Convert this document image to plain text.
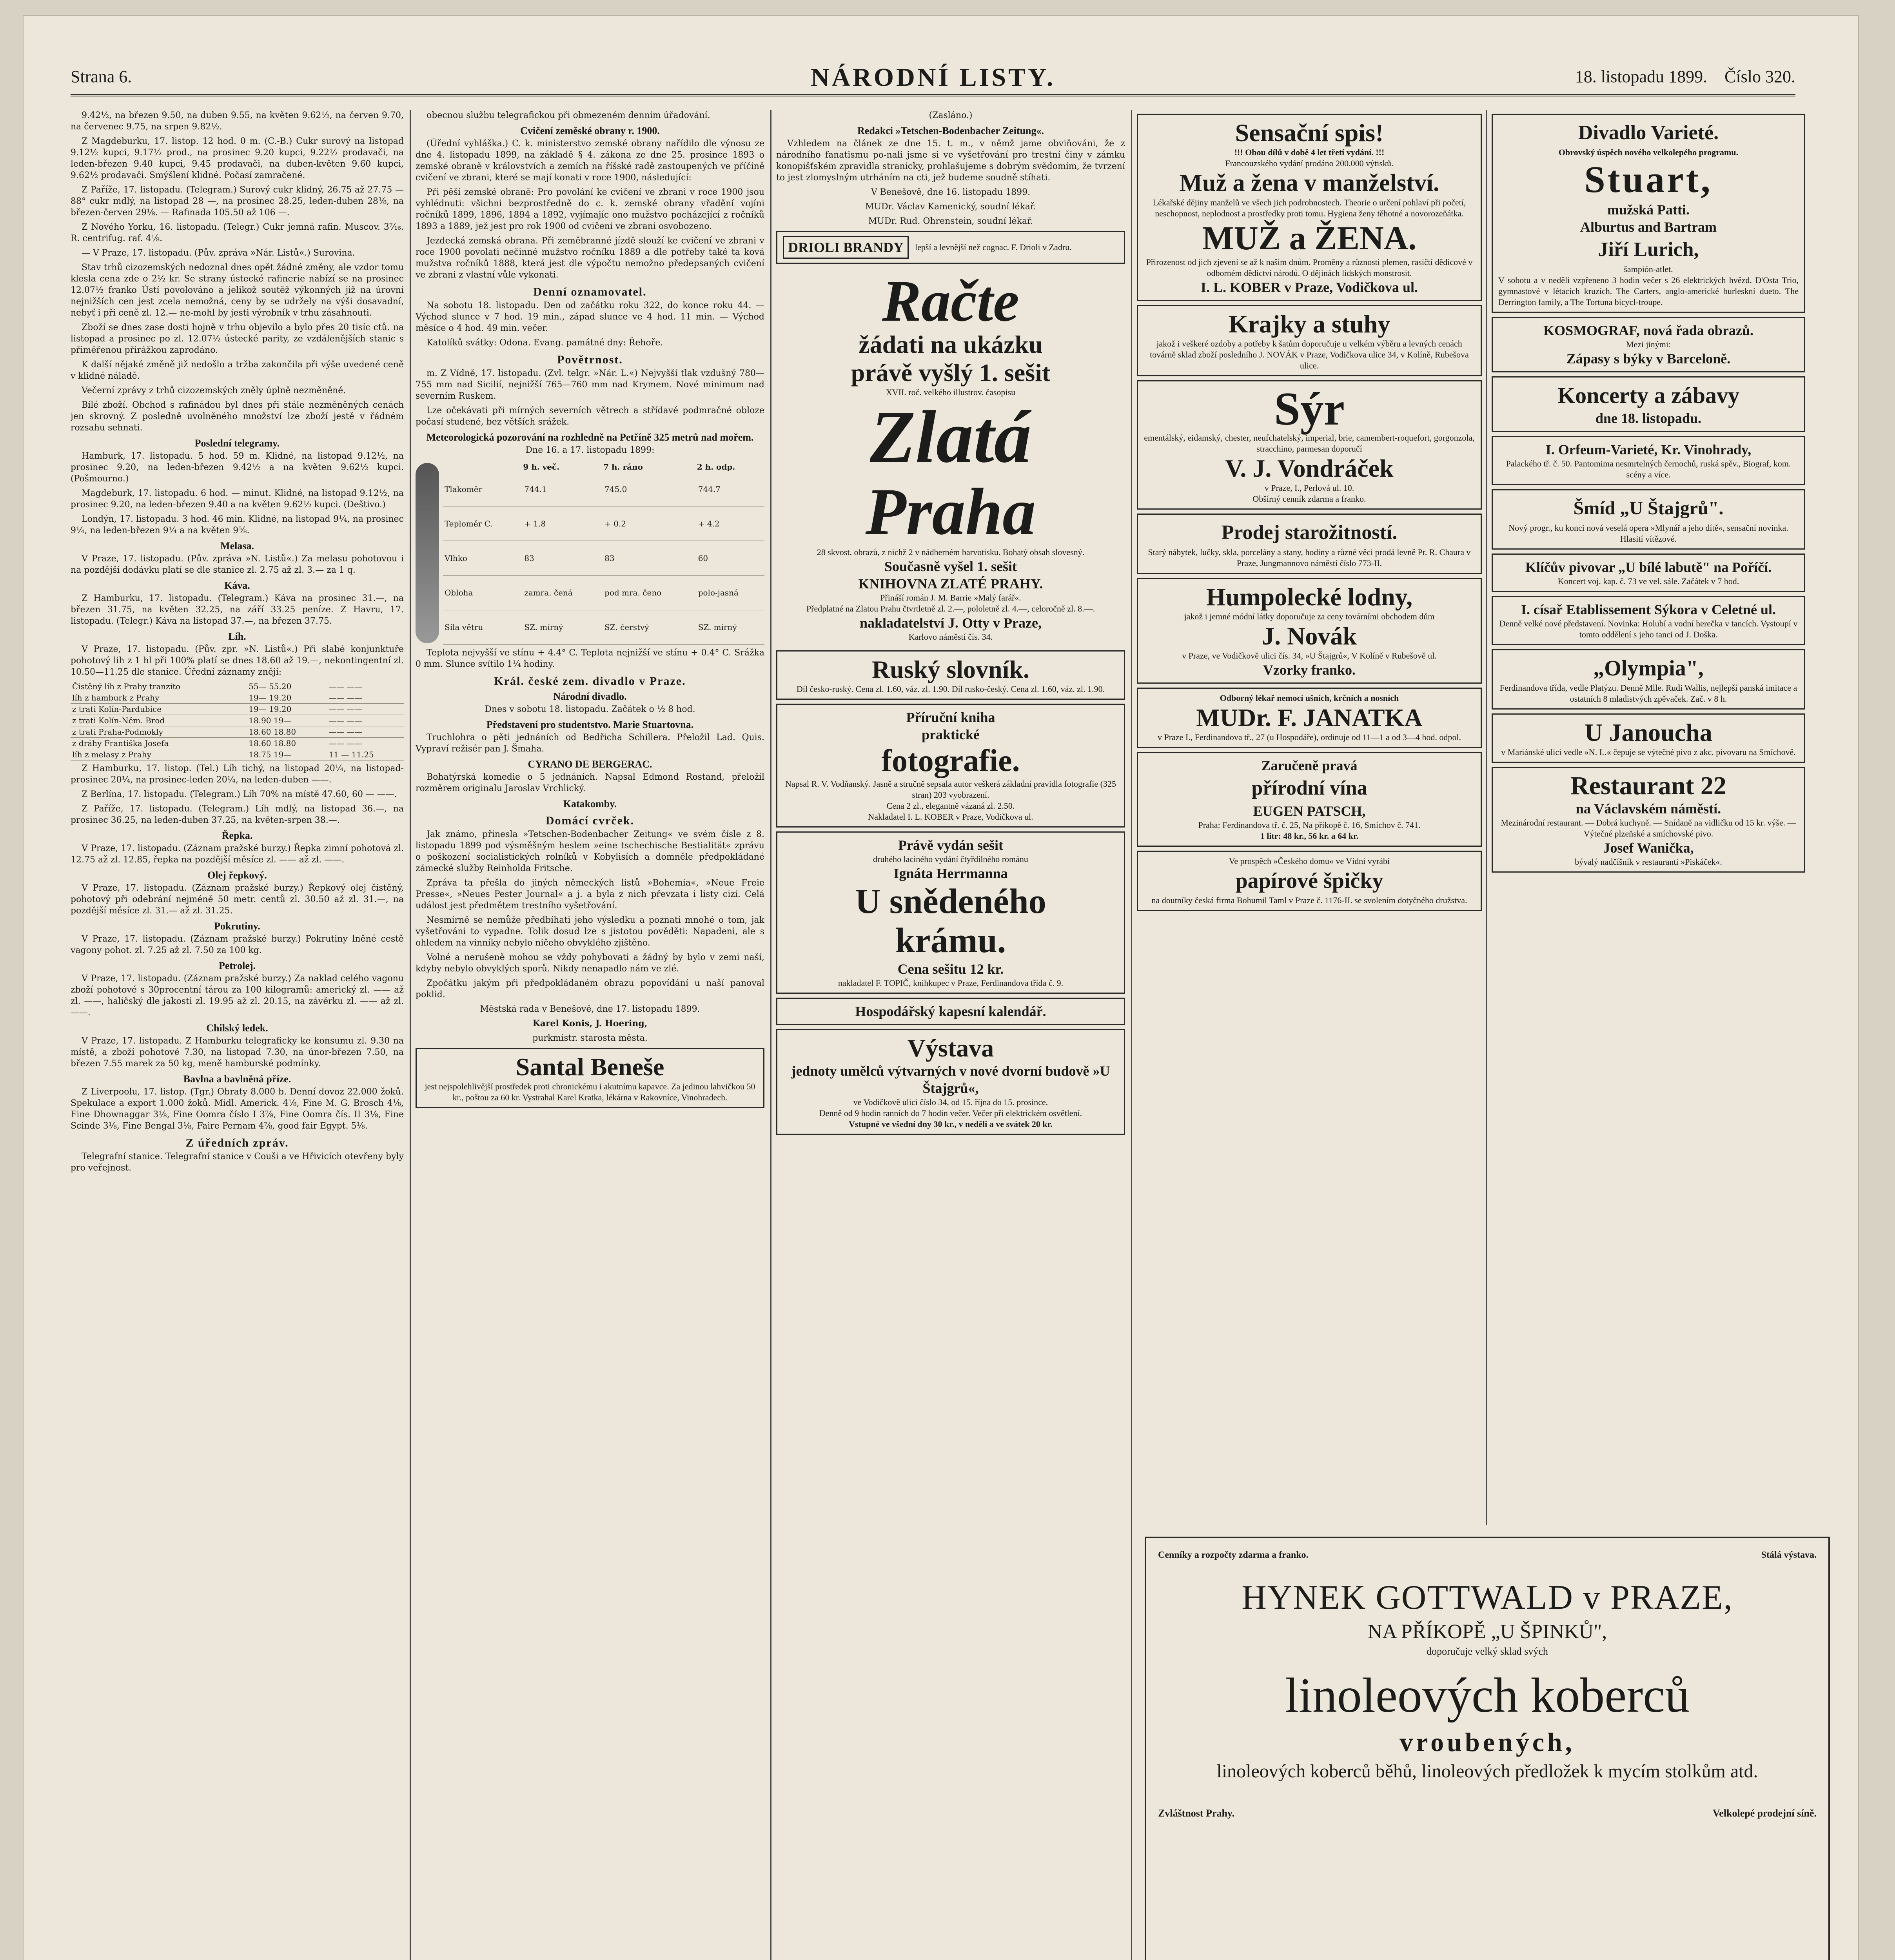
Strana 6.	NÁRODNÍ LISTY.	18. listopadu 1899. Číslo 320.

9.42½, na březen 9.50, na duben 9.55, na květen 9.62½, na červen 9.70, na červenec 9.75, na srpen 9.82½.

Z Magdeburku, 17. listop. 12 hod. 0 m. (C.-B.) Cukr surový na listopad 9.12½ kupci, 9.17½ prod., na prosinec 9.20 kupci, 9.22½ prodavači, na leden-březen 9.40 kupci, 9.45 prodavači, na duben-květen 9.60 kupci, 9.62½ prodavači. Smýšlení klidné. Počasí zamračené.

Z Paříže, 17. listopadu. (Telegram.) Surový cukr klidný, 26.75 až 27.75 — 88° cukr mdlý, na listopad 28 —, na prosinec 28.25, leden-duben 28⅜, na březen-červen 29⅛. — Rafinada 105.50 až 106 —.

Z Nového Yorku, 16. listopadu. (Telegr.) Cukr jemná rafin. Muscov. 3⁷⁄₁₆. R. centrifug. raf. 4⅛.

— V Praze, 17. listopadu. (Pův. zpráva »Nár. Listů«.) Surovina.

Stav trhů cizozemských nedoznal dnes opět žádné změny, ale vzdor tomu klesla cena zde o 2½ kr. Se strany ústecké rafinerie nabízí se na prosinec 12.07½ franko Ústí povolováno a jelikož soutěž výkonných již na úrovni nejnižších cen jest zcela nemožná, ceny by se udržely na výši dosavadní, nebyť i při ceně zl. 12.— ne-mohl by jesti výrobník v trhu zásahnouti.

Zboží se dnes zase dosti hojně v trhu objevilo a bylo přes 20 tisíc ctů. na listopad a prosinec po zl. 12.07½ ústecké parity, ze vzdálenějších stanic s přiměřenou přirážkou zaprodáno.

K další nějaké změně již nedošlo a tržba zakončila při výše uvedené ceně v klidné náladě.

Večerní zprávy z trhů cizozemských zněly úplně nezměněné.

Bílé zboží. Obchod s rafinádou byl dnes při stále nezměněných cenách jen skrovný. Z posledně uvolněného množství lze zboží jestě v řádném rozsahu sehnati.

Poslední telegramy.

Hamburk, 17. listopadu. 5 hod. 59 m. Klidné, na listopad 9.12½, na prosinec 9.20, na leden-březen 9.42½ a na květen 9.62½ kupci. (Pošmourno.)

Magdeburk, 17. listopadu. 6 hod. — minut. Klidné, na listopad 9.12½, na prosinec 9.20, na leden-březen 9.40 a na květen 9.62½ kupci. (Deštivo.)

Londýn, 17. listopadu. 3 hod. 46 min. Klidné, na listopad 9¼, na prosinec 9¼, na leden-březen 9¼ a na květen 9⁵⁄₈.

Melasa.

V Praze, 17. listopadu. (Pův. zpráva »N. Listů«.) Za melasu pohotovou i na pozdější dodávku platí se dle stanice zl. 2.75 až zl. 3.— za 1 q.

Káva.

Z Hamburku, 17. listopadu. (Telegram.) Káva na prosinec 31.—, na březen 31.75, na květen 32.25, na září 33.25 peníze. Z Havru, 17. listopadu. (Telegr.) Káva na listopad 37.—, na březen 37.75.

Líh.

V Praze, 17. listopadu. (Pův. zpr. »N. Listů«.) Při slabé konjunktuře pohotový lih z 1 hl při 100% platí se dnes 18.60 až 19.—, nekontingentní zl. 10.50—11.25 dle stanice. Úřední záznamy znějí:

Čistěný líh z Prahy tranzito	55— 55.20	—— ——
líh z hamburk z Prahy	19— 19.20	—— ——
z trati Kolín-Pardubice	19— 19.20	—— ——
z trati Kolín-Něm. Brod	18.90 19—	—— ——
z trati Praha-Podmokly	18.60 18.80	—— ——
z dráhy Františka Josefa	18.60 18.80	—— ——
líh z melasy z Prahy	18.75 19—	11 — 11.25

Z Hamburku, 17. listop. (Tel.) Líh tichý, na listopad 20¼, na listopad-prosinec 20¼, na prosinec-leden 20¼, na leden-duben ——.

Z Berlína, 17. listopadu. (Telegram.) Líh 70% na místě 47.60, 60 — ——.

Z Paříže, 17. listopadu. (Telegram.) Líh mdlý, na listopad 36.—, na prosinec 36.25, na leden-duben 37.25, na květen-srpen 38.—.

Řepka.

V Praze, 17. listopadu. (Záznam pražské burzy.) Řepka zimní pohotová zl. 12.75 až zl. 12.85, řepka na pozdější měsíce zl. —— až zl. ——.

Olej řepkový.

V Praze, 17. listopadu. (Záznam pražské burzy.) Řepkový olej čistěný, pohotový při odebrání nejméně 50 metr. centů zl. 30.50 až zl. 31.—, na pozdější měsíce zl. 31.— až zl. 31.25.

Pokrutiny.

V Praze, 17. listopadu. (Záznam pražské burzy.) Pokrutiny lněné cestě vagony pohot. zl. 7.25 až zl. 7.50 za 100 kg.

Petrolej.

V Praze, 17. listopadu. (Záznam pražské burzy.) Za naklad celého vagonu zboží pohotové s 30procentní tárou za 100 kilogramů: americký zl. —— až zl. ——, haličský dle jakosti zl. 19.95 až zl. 20.15, na závěrku zl. —— až zl. ——.

Chilský ledek.

V Praze, 17. listopadu. Z Hamburku telegraficky ke konsumu zl. 9.30 na místě, a zboží pohotové 7.30, na listopad 7.30, na únor-březen 7.50, na březen 7.55 marek za 50 kg, meně hamburské podmínky.

Bavlna a bavlněná příze.

Z Liverpoolu, 17. listop. (Tgr.) Obraty 8.000 b. Denní dovoz 22.000 žoků. Spekulace a export 1.000 žoků. Midl. Americk. 4⅛, Fine M. G. Brosch 4⅛, Fine Dhownaggar 3⅛, Fine Oomra číslo I 3⅞, Fine Oomra čís. II 3⅛, Fine Scinde 3⅛, Fine Bengal 3⅛, Faire Pernam 4⅞, good fair Egypt. 5⅛.

Z úředních zpráv.

Telegrafní stanice. Telegrafní stanice v Couši a ve Hřivicích otevřeny byly pro veřejnost.

obecnou službu telegrafickou při obmezeném denním úřadování.

Cvičení zeměské obrany r. 1900.

(Úřední vyhláška.) C. k. ministerstvo zemské obrany nařídilo dle výnosu ze dne 4. listopadu 1899, na základě § 4. zákona ze dne 25. prosince 1893 o zemské obraně v královstvích a zemích na říšské radě zastoupených ve příčině cvičení ve zbrani, které se mají konati v roce 1900, následující:

Při pěší zemské obraně: Pro povolání ke cvičení ve zbrani v roce 1900 jsou vyhlédnuti: všichni bezprostředně do c. k. zemské obrany vřadění vojíni ročníků 1899, 1896, 1894 a 1892, vyjímajíc ono mužstvo pocházející z ročníků 1893 a 1889, jež jest pro rok 1900 od cvičení ve zbrani osvobozeno.

Jezdecká zemská obrana. Při zeměbranné jízdě slouží ke cvičení ve zbrani v roce 1900 povolati nečinné mužstvo ročníku 1889 a dle potřeby také ta ková mužstva ročníků 1888, která jest dle výpočtu nemožno předepsaných cvičení ve zbrani z vlastní vůle vykonati.

Denní oznamovatel.

Na sobotu 18. listopadu. Den od začátku roku 322, do konce roku 44. — Východ slunce v 7 hod. 19 min., západ slunce ve 4 hod. 11 min. — Východ měsíce o 4 hod. 49 min. večer.

Katolíků svátky: Odona. Evang. památné dny: Řehoře.

Povětrnost.

m. Z Vídně, 17. listopadu. (Zvl. telgr. »Nár. L.«) Nejvyšší tlak vzdušný 780—755 mm nad Sicilií, nejnižší 765—760 mm nad Krymem. Nové minimum nad severním Ruskem.

Lze očekávati při mírných severních větrech a střídavé podmračné obloze počasí studené, bez větších srážek.

Meteorologická pozorování na rozhledně na Petříně 325 metrů nad mořem.

Dne 16. a 17. listopadu 1899:

	9 h. več.	7 h. ráno	2 h. odp.
Tlakoměr	744.1	745.0	744.7
Teploměr C.	+ 1.8	+ 0.2	+ 4.2
Vlhko	83	83	60
Obloha	zamra. čená	pod mra. čeno	polo-jasná
Síla větru	SZ. mírný	SZ. čerstvý	SZ. mírný

Teplota nejvyšší ve stínu + 4.4° C. Teplota nejnižší ve stínu + 0.4° C. Srážka 0 mm. Slunce svítilo 1¼ hodiny.

Král. české zem. divadlo v Praze.
Národní divadlo.

Dnes v sobotu 18. listopadu. Začátek o ½ 8 hod.

Představení pro studentstvo. Marie Stuartovna.

Truchlohra o pěti jednáních od Bedřicha Schillera. Přeložil Lad. Quis. Vypraví režisér pan J. Šmaha.

CYRANO DE BERGERAC.

Bohatýrská komedie o 5 jednáních. Napsal Edmond Rostand, přeložil rozměrem originalu Jaroslav Vrchlický.

Katakomby.
Domácí cvrček.

Jak známo, přinesla »Tetschen-Bodenbacher Zeitung« ve svém čísle z 8. listopadu 1899 pod výsměšným heslem »eine tschechische Bestialität« zprávu o poškození socialistických rolníků v Kobylisích a domněle předpokládané zámecké služby Reinholda Fritsche.

Zpráva ta přešla do jiných německých listů »Bohemia«, »Neue Freie Presse«, »Neues Pester Journal« a j. a byla z nich převzata i listy cizí. Celá událost jest předmětem trestního vyšetřování.

Nesmírně se nemůže předbíhati jeho výsledku a poznati mnohé o tom, jak vyšetřováni to vypadne. Tolik dosud lze s jistotou pověděti: Napadeni, ale s ohledem na vinníky nebylo ničeho obvyklého zjištěno.

Volné a nerušeně mohou se vždy pohybovati a žádný by bylo v zemi naší, kdyby nebylo obvyklých sporů. Nikdy nenapadlo nám ve zlé.

Zpočátku jakým při předpokládaném obrazu popovídání u naší panoval poklid.

Městská rada v Benešově, dne 17. listopadu 1899.

Karel Konis, J. Hoering,

purkmistr. starosta města.

Santal Beneše
jest nejspolehlivější prostředek proti chronickému i akutnímu kapavce. Za jedinou lahvičkou 50 kr., poštou za 60 kr. Vystrahal Karel Kratka, lékárna v Rakovníce, Vinohradech.

(Zasláno.)

Redakci »Tetschen-Bodenbacher Zeitung«.

Vzhledem na článek ze dne 15. t. m., v němž jame obviňováni, že z národního fanatismu po-nali jsme si ve vyšetřování pro trestní činy v zámku konopišťském zpravidla stranicky, prohlašujeme s dobrým svědomím, že tvrzení to jest zlomyslným utrháním na cti, jež budeme soudně stíhati.

V Benešově, dne 16. listopadu 1899.

MUDr. Václav Kamenický, soudní lékař.

MUDr. Rud. Ohrenstein, soudní lékař.

DRIOLI BRANDY	lepší a levnější než cognac. F. Drioli v Zadru.
Račte
žádati na ukázku
právě vyšlý 1. sešit
XVII. roč. velkého illustrov. časopisu
Zlatá
Praha
28 skvost. obrazů, z nichž 2 v nádherném barvotisku. Bohatý obsah slovesný.
Současně vyšel 1. sešit
KNIHOVNA ZLATÉ PRAHY.
Přináší román J. M. Barrie »Malý farář«.
Předplatné na Zlatou Prahu čtvrtletně zl. 2.—, pololetně zl. 4.—, celoročně zl. 8.—.
nakladatelství J. Otty v Praze,
Karlovo náměstí čís. 34.
Ruský slovník.
Díl česko-ruský. Cena zl. 1.60, váz. zl. 1.90. Díl rusko-český. Cena zl. 1.60, váz. zl. 1.90.
Příruční kniha
praktické
fotografie.
Napsal R. V. Vodňanský. Jasně a stručně sepsala autor veškerá základní pravidla fotografie (325 stran) 203 vyobrazení.
Cena 2 zl., elegantně vázaná zl. 2.50.
Nakladatel I. L. KOBER v Praze, Vodičkova ul.
Právě vydán sešit
druhého laciného vydání čtyřdílného románu
Ignáta Herrmanna
U snědeného
krámu.
Cena sešitu 12 kr.
nakladatel F. TOPIČ, knihkupec v Praze, Ferdinandova třída č. 9.
Hospodářský kapesní kalendář.
Výstava
jednoty umělců výtvarných v nové dvorní budově »U Štajgrů«,
ve Vodičkově ulici číslo 34, od 15. října do 15. prosince.
Denně od 9 hodin ranních do 7 hodin večer. Večer při elektrickém osvětlení.
Vstupné ve všední dny 30 kr., v neděli a ve svátek 20 kr.
Sensační spis!
!!! Obou dílů v době 4 let třetí vydání. !!!
Francouzského vydání prodáno 200.000 výtisků.
Muž a žena v manželství.
Lékařské dějiny manželů ve všech jich podrobnostech. Theorie o určení pohlaví při početí, neschopnost, neplodnost a prostředky proti tomu. Hygiena ženy těhotné a novorozeňátka.
MUŽ a ŽENA.
Přirozenost od jich zjevení se až k našim dnům. Proměny a různosti plemen, rasičtí dědicové v odborném dědictví národů. O dějinách lidských monstrosit.
I. L. KOBER v Praze, Vodičkova ul.
Krajky a stuhy
jakož i veškeré ozdoby a potřeby k šatům doporučuje u velkém výběru a levných cenách továrně sklad zboží posledního J. NOVÁK v Praze, Vodičkova ulice 34, v Kolíně, Rubešova ulice.
Sýr
ementálský, eidamský, chester, neufchatelský, imperial, brie, camembert-roquefort, gorgonzola, stracchino, parmesan doporučí
V. J. Vondráček
v Praze, I., Perlová ul. 10.
Obšírný cenník zdarma a franko.
Prodej starožitností.
Starý nábytek, lučky, skla, porcelány a stany, hodiny a různé věci prodá levně Pr. R. Chaura v Praze, Jungmannovo náměstí číslo 773-II.
Humpolecké lodny,
jakož i jemné módní látky doporučuje za ceny továrními obchodem dům
J. Novák
v Praze, ve Vodičkově ulici čís. 34, »U Štajgrů«, V Kolíně v Rubešově ul.
Vzorky franko.
Odborný lékař nemocí ušních, krčních a nosních
MUDr. F. JANATKA
v Praze I., Ferdinandova tř., 27 (u Hospodáře), ordinuje od 11—1 a od 3—4 hod. odpol.
Zaručeně pravá
přírodní vína
EUGEN PATSCH,
Praha: Ferdinandova tř. č. 25, Na příkopě č. 16, Smíchov č. 741.
1 litr: 48 kr., 56 kr. a 64 kr.
Ve prospěch »Českého domu« ve Vídni vyrábí
papírové špičky
na doutníky česká firma Bohumil Taml v Praze č. 1176-II. se svolením dotyčného družstva.
Divadlo Varieté.
Obrovský úspěch nového velkolepého programu.
Stuart,
mužská Patti.
Alburtus and Bartram
Jiří Lurich,
šampión-atlet.
V sobotu a v neděli vzpřeneno 3 hodin večer s 26 elektrických hvězd. D'Osta Trio, gymnastové v létacích kruzích. The Carters, anglo-americké burleskní dueto. The Derrington family, a The Tortuna bicycl-troupe.
KOSMOGRAF, nová řada obrazů.
Mezi jinými:
Zápasy s býky v Barceloně.
Koncerty a zábavy
dne 18. listopadu.
I. Orfeum-Varieté, Kr. Vinohrady,
Palackého tř. č. 50. Pantomima nesmrtelných černochů, ruská spěv., Biograf, kom. scény a více.
Šmíd „U Štajgrů".
Nový progr., ku konci nová veselá opera »Mlynář a jeho dítě«, sensační novinka. Hlasití vítězové.
Klíčův pivovar „U bílé labutě" na Poříčí.
Koncert voj. kap. č. 73 ve vel. sále. Začátek v 7 hod.
I. císař Etablissement Sýkora v Celetné ul.
Denně velké nové představení. Novinka: Holubí a vodní herečka v tancích. Vystoupí v tomto oddělení s jeho tanci od J. Doška.
„Olympia",
Ferdinandova třída, vedle Platýzu. Denně Mlle. Rudi Wallis, nejlepší panská imitace a ostatních 8 mladistvých zpěvaček. Zač. v 8 h.
U Janoucha
v Mariánské ulici vedle »N. L.« čepuje se výtečné pivo z akc. pivovaru na Smíchově.
Restaurant 22
na Václavském náměstí.
Mezinárodní restaurant. — Dobrá kuchyně. — Snídaně na vidličku od 15 kr. výše. — Výtečné plzeňské a smíchovské pivo.
Josef Wanička,
bývalý nadčíšník v restauranti »Piskáček«.
Cenníky a rozpočty zdarma a franko.	Stálá výstava.
HYNEK GOTTWALD v PRAZE,
NA PŘÍKOPĚ „U ŠPINKŮ",
doporučuje velký sklad svých
linoleových koberců
vroubených,
linoleových koberců běhů, linoleových předložek k mycím stolkům atd.
Zvláštnost Prahy.	Velkolepé prodejní síně.
